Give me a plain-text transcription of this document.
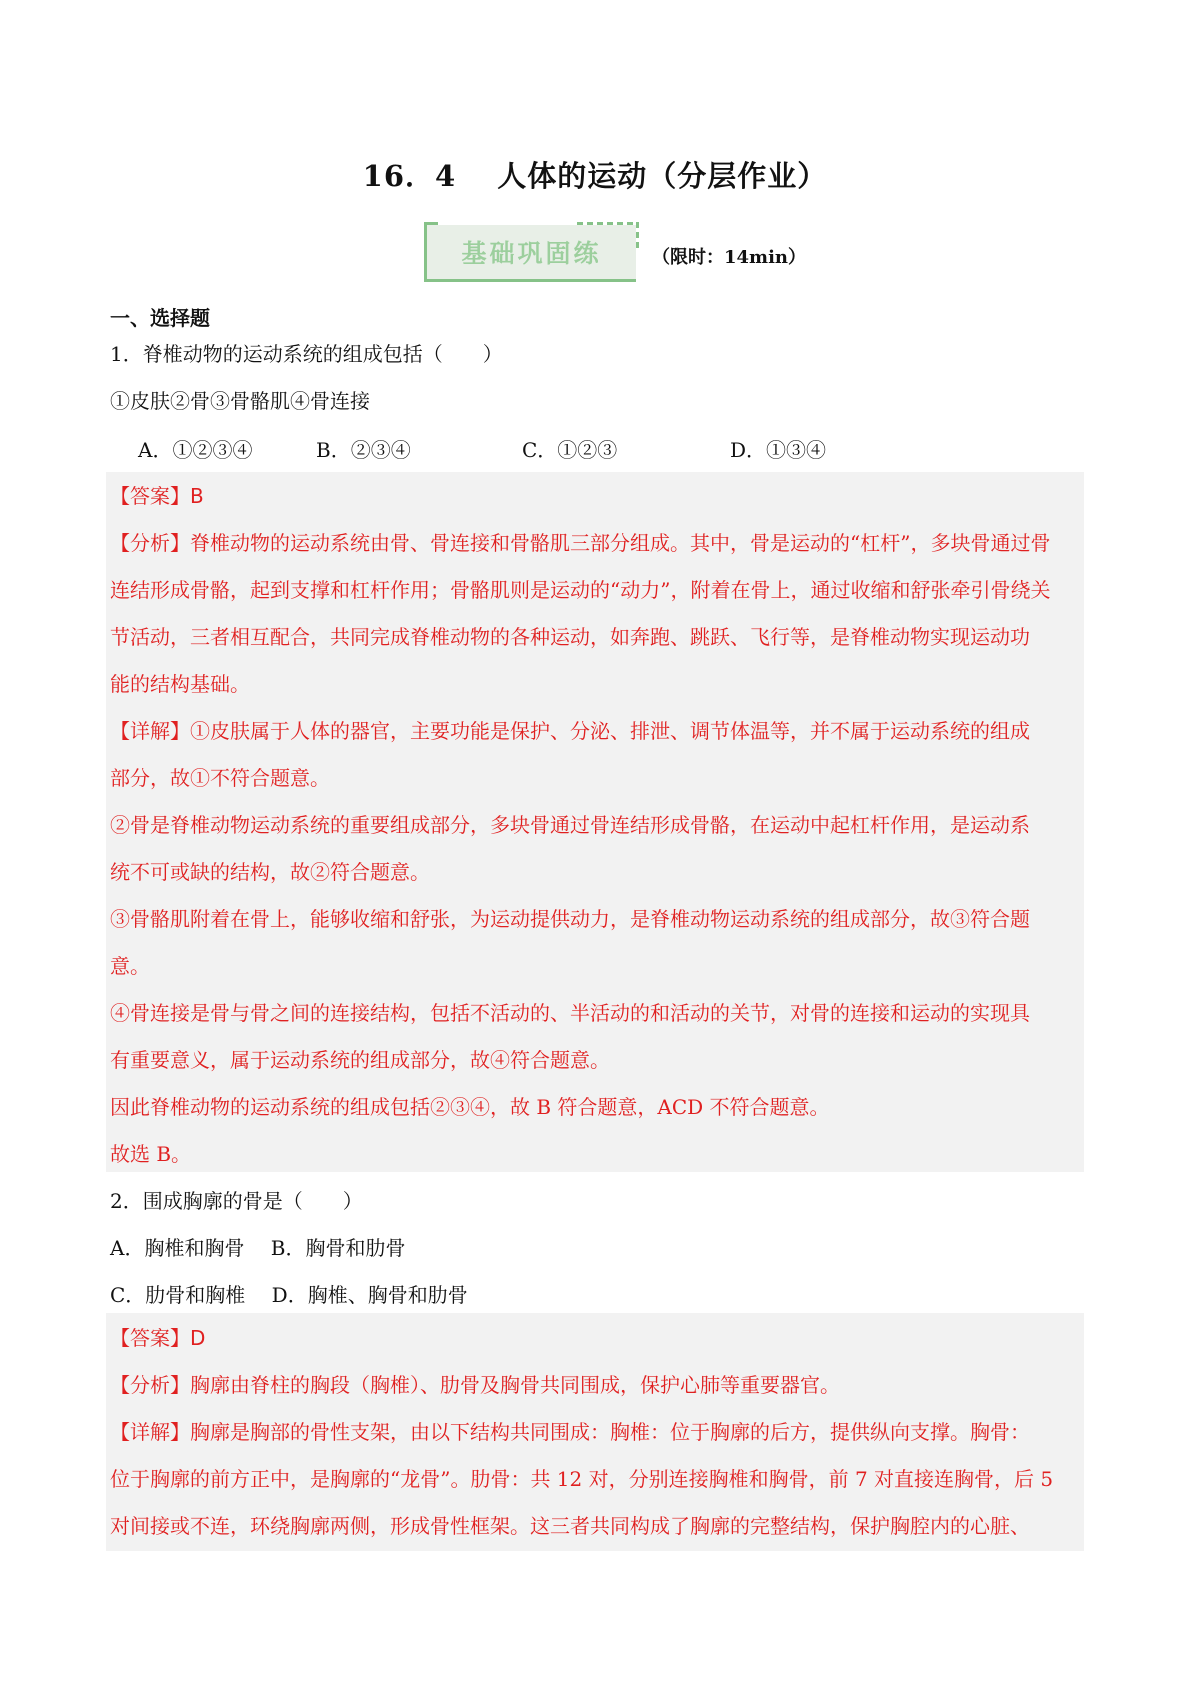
16．4　 人体的运动（分层作业）
基础巩固练	（限时：14min）
一、选择题
1．脊椎动物的运动系统的组成包括（　　）
①皮肤②骨③骨骼肌④骨连接
A．①②③④	B．②③④	C．①②③	D．①③④
【答案】B
【分析】脊椎动物的运动系统由骨、骨连接和骨骼肌三部分组成。其中，骨是运动的“杠杆”，多块骨通过骨
连结形成骨骼，起到支撑和杠杆作用；骨骼肌则是运动的“动力”，附着在骨上，通过收缩和舒张牵引骨绕关
节活动，三者相互配合，共同完成脊椎动物的各种运动，如奔跑、跳跃、飞行等，是脊椎动物实现运动功
能的结构基础。
【详解】①皮肤属于人体的器官，主要功能是保护、分泌、排泄、调节体温等，并不属于运动系统的组成
部分，故①不符合题意。
②骨是脊椎动物运动系统的重要组成部分，多块骨通过骨连结形成骨骼，在运动中起杠杆作用，是运动系
统不可或缺的结构，故②符合题意。
③骨骼肌附着在骨上，能够收缩和舒张，为运动提供动力，是脊椎动物运动系统的组成部分，故③符合题
意。
④骨连接是骨与骨之间的连接结构，包括不活动的、半活动的和活动的关节，对骨的连接和运动的实现具
有重要意义，属于运动系统的组成部分，故④符合题意。
因此脊椎动物的运动系统的组成包括②③④，故 B 符合题意，ACD 不符合题意。
故选 B。
2．围成胸廓的骨是（　　）
A．胸椎和胸骨　 B．胸骨和肋骨
C．肋骨和胸椎　 D．胸椎、胸骨和肋骨
【答案】D
【分析】胸廓由脊柱的胸段（胸椎）、肋骨及胸骨共同围成，保护心肺等重要器官。
【详解】胸廓是胸部的骨性支架，由以下结构共同围成：胸椎：位于胸廓的后方，提供纵向支撑。胸骨：
位于胸廓的前方正中，是胸廓的“龙骨”。肋骨：共 12 对，分别连接胸椎和胸骨，前 7 对直接连胸骨，后 5
对间接或不连，环绕胸廓两侧，形成骨性框架。这三者共同构成了胸廓的完整结构，保护胸腔内的心脏、
